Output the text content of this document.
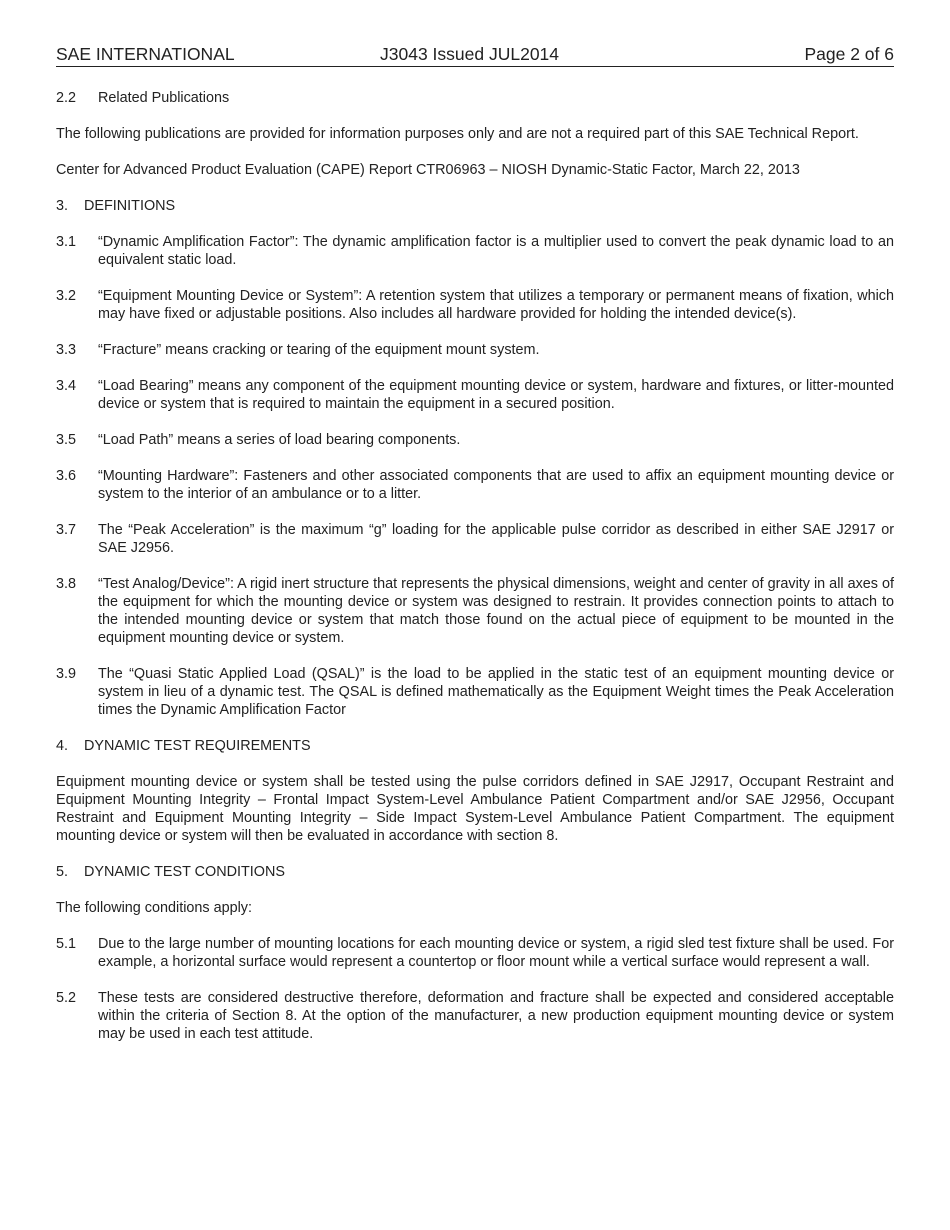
SAE INTERNATIONAL	J3043 Issued JUL2014	Page 2 of 6

2.2 Related Publications

The following publications are provided for information purposes only and are not a required part of this SAE Technical Report.

Center for Advanced Product Evaluation (CAPE) Report CTR06963 – NIOSH Dynamic-Static Factor, March 22, 2013

3. DEFINITIONS

3.1	“Dynamic Amplification Factor”: The dynamic amplification factor is a multiplier used to convert the peak dynamic load to an equivalent static load.
3.2	“Equipment Mounting Device or System”: A retention system that utilizes a temporary or permanent means of fixation, which may have fixed or adjustable positions. Also includes all hardware provided for holding the intended device(s).
3.3	“Fracture” means cracking or tearing of the equipment mount system.
3.4	“Load Bearing” means any component of the equipment mounting device or system, hardware and fixtures, or litter-mounted device or system that is required to maintain the equipment in a secured position.
3.5	“Load Path” means a series of load bearing components.
3.6	“Mounting Hardware”: Fasteners and other associated components that are used to affix an equipment mounting device or system to the interior of an ambulance or to a litter.
3.7	The “Peak Acceleration” is the maximum “g” loading for the applicable pulse corridor as described in either SAE J2917 or SAE J2956.
3.8	“Test Analog/Device”: A rigid inert structure that represents the physical dimensions, weight and center of gravity in all axes of the equipment for which the mounting device or system was designed to restrain. It provides connection points to attach to the intended mounting device or system that match those found on the actual piece of equipment to be mounted in the equipment mounting device or system.
3.9	The “Quasi Static Applied Load (QSAL)” is the load to be applied in the static test of an equipment mounting device or system in lieu of a dynamic test. The QSAL is defined mathematically as the Equipment Weight times the Peak Acceleration times the Dynamic Amplification Factor

4. DYNAMIC TEST REQUIREMENTS

Equipment mounting device or system shall be tested using the pulse corridors defined in SAE J2917, Occupant Restraint and Equipment Mounting Integrity – Frontal Impact System-Level Ambulance Patient Compartment and/or SAE J2956, Occupant Restraint and Equipment Mounting Integrity – Side Impact System-Level Ambulance Patient Compartment. The equipment mounting device or system will then be evaluated in accordance with section 8.

5. DYNAMIC TEST CONDITIONS

The following conditions apply:

5.1	Due to the large number of mounting locations for each mounting device or system, a rigid sled test fixture shall be used. For example, a horizontal surface would represent a countertop or floor mount while a vertical surface would represent a wall.
5.2	These tests are considered destructive therefore, deformation and fracture shall be expected and considered acceptable within the criteria of Section 8. At the option of the manufacturer, a new production equipment mounting device or system may be used in each test attitude.
